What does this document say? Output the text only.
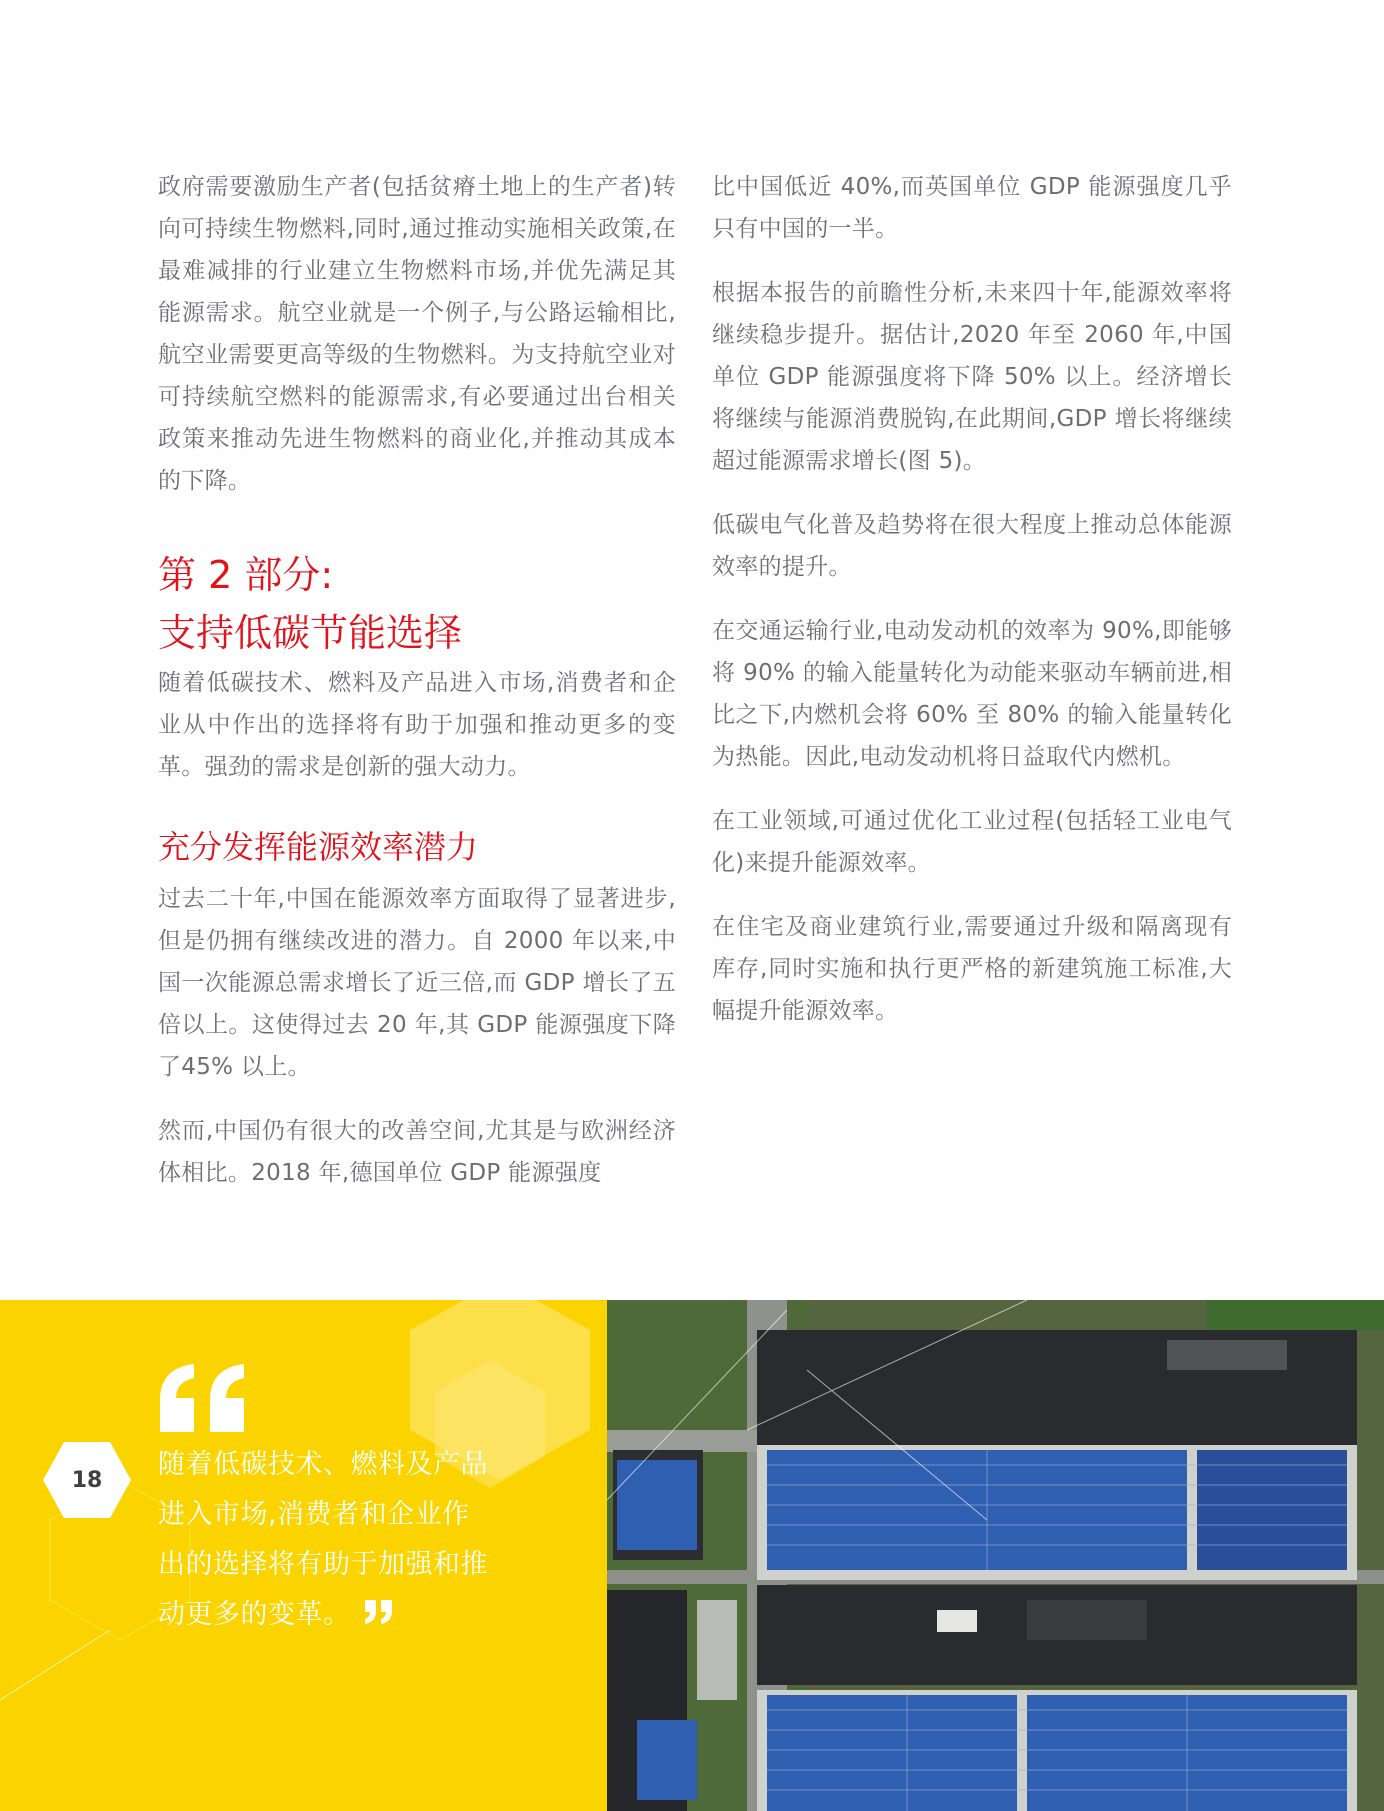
政府需要激励生产者(包括贫瘠土地上的生产者)转向可持续生物燃料,同时,通过推动实施相关政策,在最难减排的行业建立生物燃料市场,并优先满足其能源需求。航空业就是一个例子,与公路运输相比,航空业需要更高等级的生物燃料。为支持航空业对可持续航空燃料的能源需求,有必要通过出台相关政策来推动先进生物燃料的商业化,并推动其成本的下降。

第 2 部分:
支持低碳节能选择

随着低碳技术、燃料及产品进入市场,消费者和企业从中作出的选择将有助于加强和推动更多的变革。强劲的需求是创新的强大动力。

充分发挥能源效率潜力

过去二十年,中国在能源效率方面取得了显著进步,但是仍拥有继续改进的潜力。自 2000 年以来,中国一次能源总需求增长了近三倍,而 GDP 增长了五倍以上。这使得过去 20 年,其 GDP 能源强度下降了45% 以上。

然而,中国仍有很大的改善空间,尤其是与欧洲经济体相比。2018 年,德国单位 GDP 能源强度

比中国低近 40%,而英国单位 GDP 能源强度几乎只有中国的一半。

根据本报告的前瞻性分析,未来四十年,能源效率将继续稳步提升。据估计,2020 年至 2060 年,中国单位 GDP 能源强度将下降 50% 以上。经济增长将继续与能源消费脱钩,在此期间,GDP 增长将继续超过能源需求增长(图 5)。

低碳电气化普及趋势将在很大程度上推动总体能源效率的提升。

在交通运输行业,电动发动机的效率为 90%,即能够将 90% 的输入能量转化为动能来驱动车辆前进,相比之下,内燃机会将 60% 至 80% 的输入能量转化为热能。因此,电动发动机将日益取代内燃机。

在工业领域,可通过优化工业过程(包括轻工业电气化)来提升能源效率。

在住宅及商业建筑行业,需要通过升级和隔离现有库存,同时实施和执行更严格的新建筑施工标准,大幅提升能源效率。

随着低碳技术、燃料及产品进入市场,消费者和企业作出的选择将有助于加强和推动更多的变革。
18
